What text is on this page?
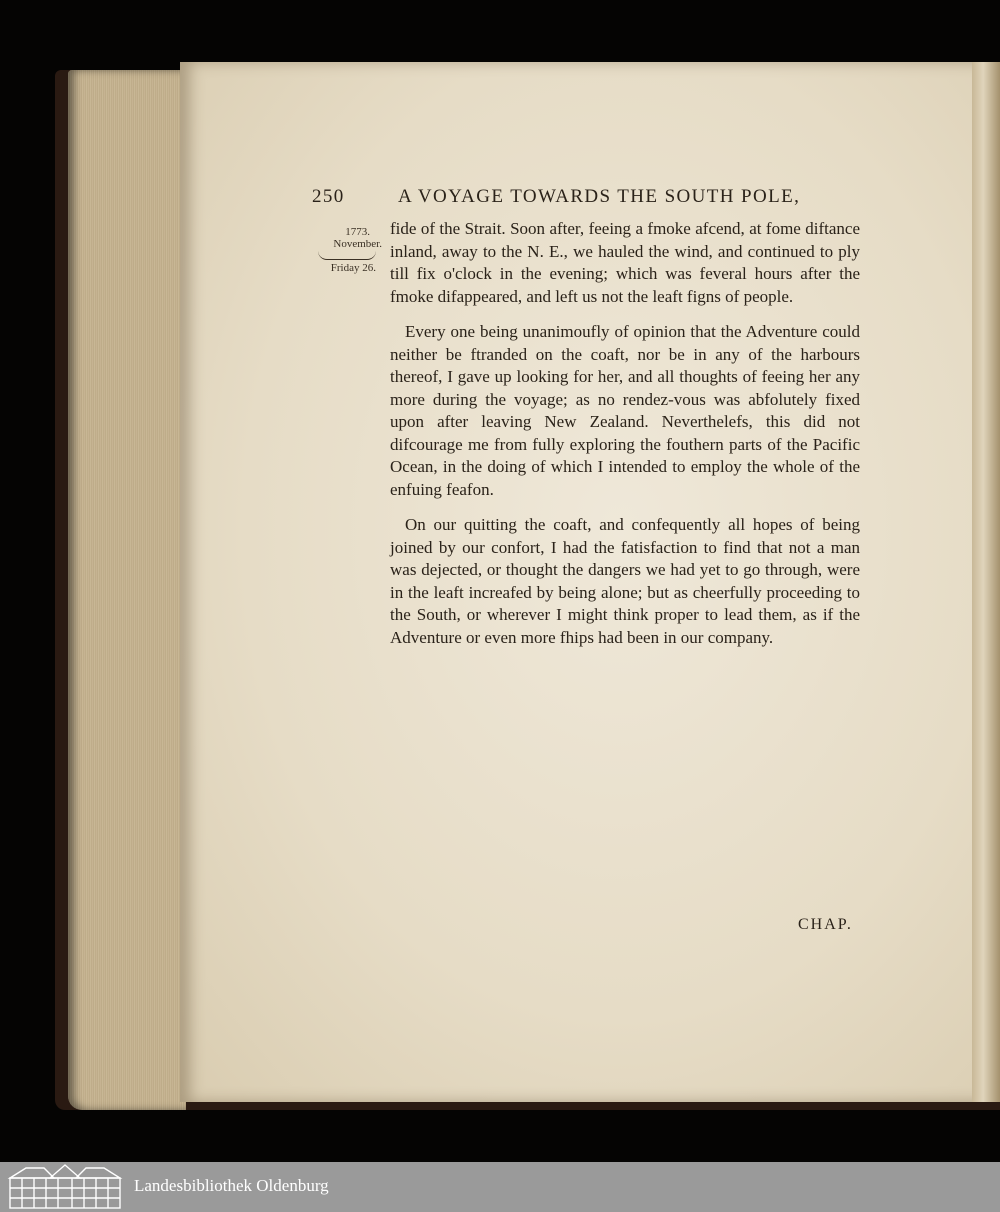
250	A VOYAGE TOWARDS THE SOUTH POLE,
1773.
November.
Friday 26.

fide of the Strait. Soon after, feeing a fmoke afcend, at fome diftance inland, away to the N. E., we hauled the wind, and continued to ply till fix o'clock in the evening; which was feveral hours after the fmoke difappeared, and left us not the leaft figns of people.

Every one being unanimoufly of opinion that the Adventure could neither be ftranded on the coaft, nor be in any of the harbours thereof, I gave up looking for her, and all thoughts of feeing her any more during the voyage; as no rendez-vous was abfolutely fixed upon after leaving New Zealand. Neverthelefs, this did not difcourage me from fully exploring the fouthern parts of the Pacific Ocean, in the doing of which I intended to employ the whole of the enfuing feafon.

On our quitting the coaft, and confequently all hopes of being joined by our confort, I had the fatisfaction to find that not a man was dejected, or thought the dangers we had yet to go through, were in the leaft increafed by being alone; but as cheerfully proceeding to the South, or wherever I might think proper to lead them, as if the Adventure or even more fhips had been in our company.

CHAP.
Landesbibliothek Oldenburg
